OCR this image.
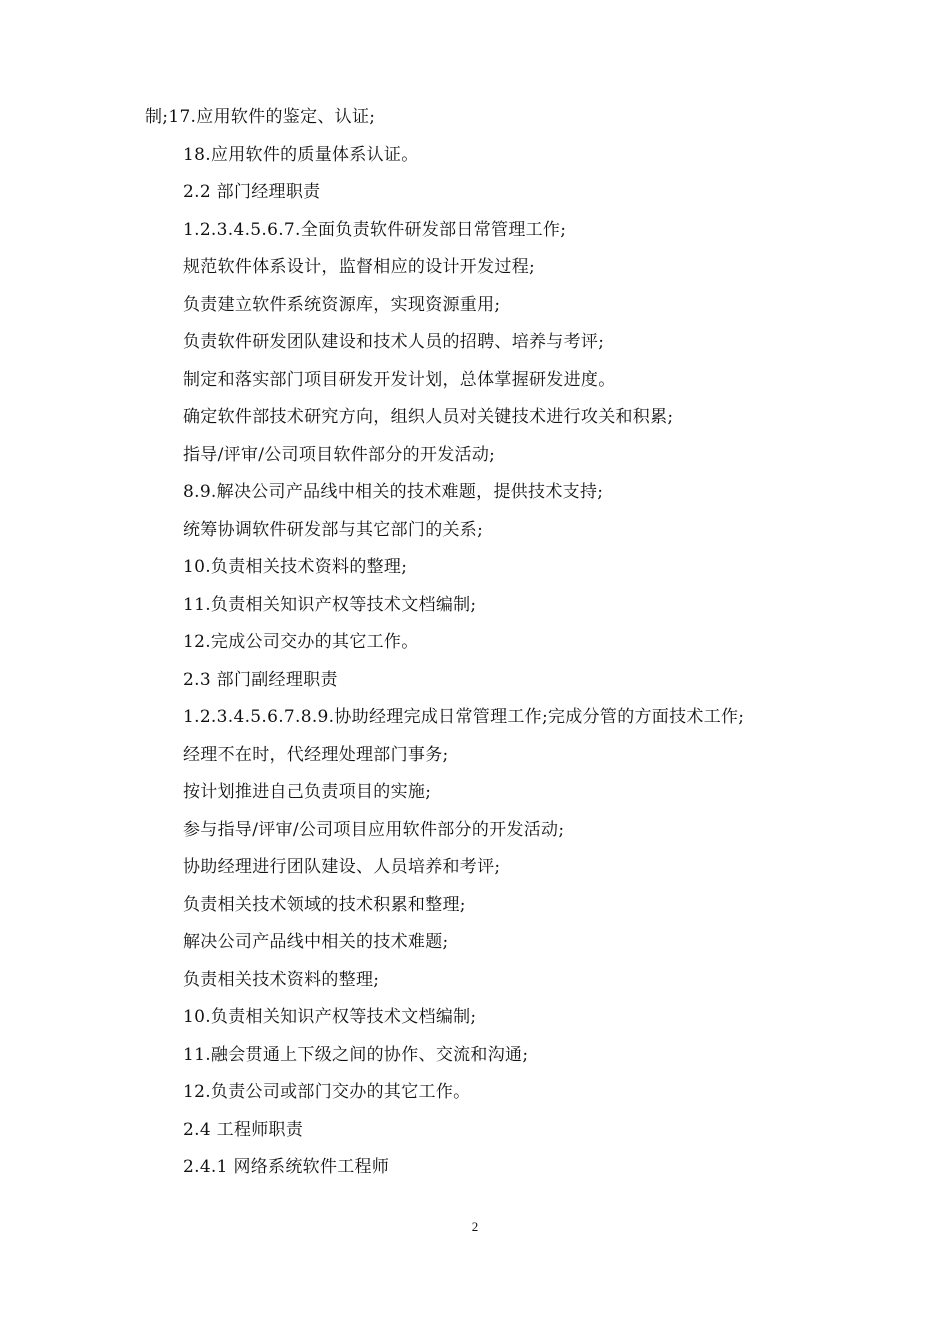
制;17.应用软件的鉴定、认证;
18.应用软件的质量体系认证。
2.2 部门经理职责
1.2.3.4.5.6.7.全面负责软件研发部日常管理工作;
规范软件体系设计，监督相应的设计开发过程;
负责建立软件系统资源库，实现资源重用;
负责软件研发团队建设和技术人员的招聘、培养与考评;
制定和落实部门项目研发开发计划，总体掌握研发进度。
确定软件部技术研究方向，组织人员对关键技术进行攻关和积累;
指导/评审/公司项目软件部分的开发活动;
8.9.解决公司产品线中相关的技术难题，提供技术支持;
统筹协调软件研发部与其它部门的关系;
10.负责相关技术资料的整理;
11.负责相关知识产权等技术文档编制;
12.完成公司交办的其它工作。
2.3 部门副经理职责
1.2.3.4.5.6.7.8.9.协助经理完成日常管理工作;完成分管的方面技术工作;
经理不在时，代经理处理部门事务;
按计划推进自己负责项目的实施;
参与指导/评审/公司项目应用软件部分的开发活动;
协助经理进行团队建设、人员培养和考评;
负责相关技术领域的技术积累和整理;
解决公司产品线中相关的技术难题;
负责相关技术资料的整理;
10.负责相关知识产权等技术文档编制;
11.融会贯通上下级之间的协作、交流和沟通;
12.负责公司或部门交办的其它工作。
2.4 工程师职责
2.4.1 网络系统软件工程师
2
